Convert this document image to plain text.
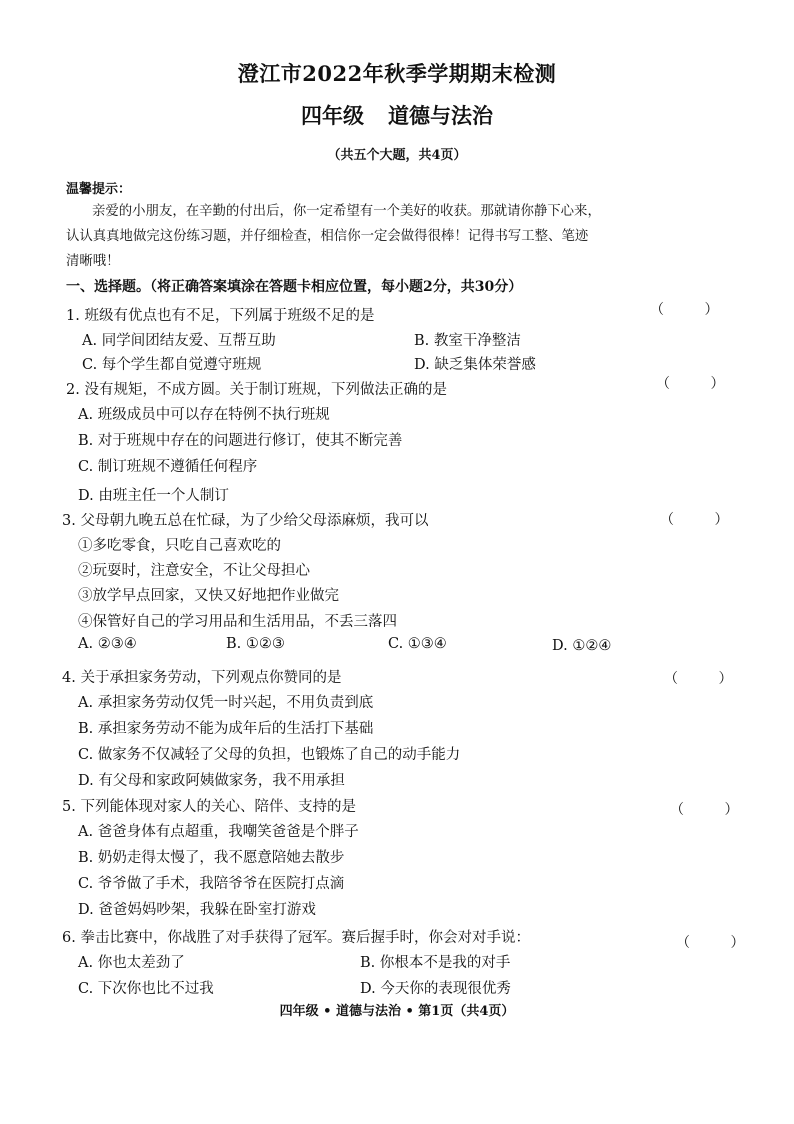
澄江市2022年秋季学期期末检测
四年级 道德与法治
（共五个大题，共4页）
温馨提示：
亲爱的小朋友，在辛勤的付出后，你一定希望有一个美好的收获。那就请你静下心来，
认认真真地做完这份练习题，并仔细检查，相信你一定会做得很棒！记得书写工整、笔迹
清晰哦！
一、选择题。（将正确答案填涂在答题卡相应位置，每小题2分，共30分）
1. 班级有优点也有不足，下列属于班级不足的是	（ ）
A. 同学间团结友爱、互帮互助	B. 教室干净整洁
C. 每个学生都自觉遵守班规	D. 缺乏集体荣誉感
2. 没有规矩，不成方圆。关于制订班规，下列做法正确的是	（ ）
A. 班级成员中可以存在特例不执行班规
B. 对于班规中存在的问题进行修订，使其不断完善
C. 制订班规不遵循任何程序
D. 由班主任一个人制订
3. 父母朝九晚五总在忙碌，为了少给父母添麻烦，我可以	（ ）
①多吃零食，只吃自己喜欢吃的
②玩耍时，注意安全，不让父母担心
③放学早点回家，又快又好地把作业做完
④保管好自己的学习用品和生活用品，不丢三落四
A. ②③④	B. ①②③	C. ①③④	D. ①②④
4. 关于承担家务劳动，下列观点你赞同的是	（ ）
A. 承担家务劳动仅凭一时兴起，不用负责到底
B. 承担家务劳动不能为成年后的生活打下基础
C. 做家务不仅减轻了父母的负担，也锻炼了自己的动手能力
D. 有父母和家政阿姨做家务，我不用承担
5. 下列能体现对家人的关心、陪伴、支持的是	（ ）
A. 爸爸身体有点超重，我嘲笑爸爸是个胖子
B. 奶奶走得太慢了，我不愿意陪她去散步
C. 爷爷做了手术，我陪爷爷在医院打点滴
D. 爸爸妈妈吵架，我躲在卧室打游戏
6. 拳击比赛中，你战胜了对手获得了冠军。赛后握手时，你会对对手说：	（ ）
A. 你也太差劲了	B. 你根本不是我的对手
C. 下次你也比不过我	D. 今天你的表现很优秀
四年级 • 道德与法治 • 第1页（共4页）
